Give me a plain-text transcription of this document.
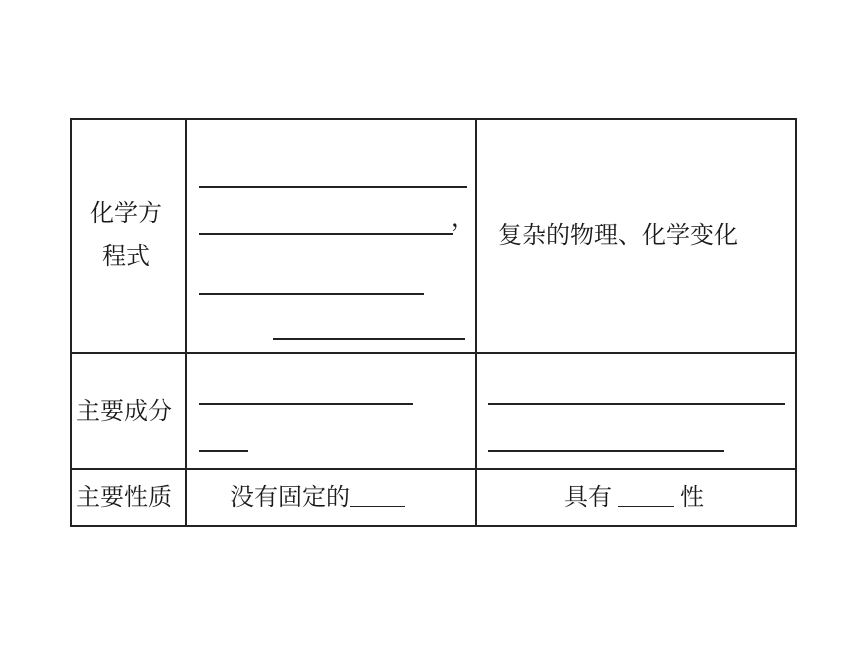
化学方
程式
，
复杂的物理、化学变化
主要成分
主要性质 没有固定的	具有	性
